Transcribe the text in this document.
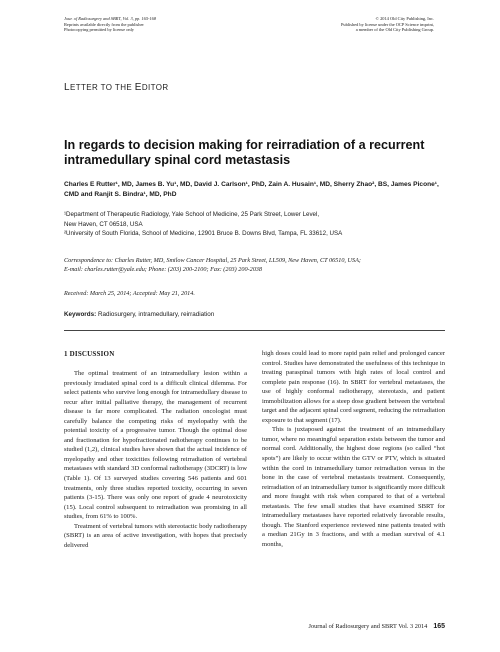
Jour. of Radiosurgery and SBRT, Vol. 3, pp. 165-168
Reprints available directly from the publisher
Photocopying permitted by license only
© 2014 Old City Publishing, Inc.
Published by license under the OCP Science imprint,
a member of the Old City Publishing Group.
LETTER TO THE EDITOR
In regards to decision making for reirradiation of a recurrent intramedullary spinal cord metastasis
Charles E Rutter¹, MD, James B. Yu¹, MD, David J. Carlson¹, PhD, Zain A. Husain¹, MD, Sherry Zhao², BS, James Picone¹, CMD and Ranjit S. Bindra¹, MD, PhD
¹Department of Therapeutic Radiology, Yale School of Medicine, 25 Park Street, Lower Level,
New Haven, CT 06518, USA
²University of South Florida, School of Medicine, 12901 Bruce B. Downs Blvd, Tampa, FL 33612, USA
Correspondence to: Charles Rutter, MD, Smilow Cancer Hospital, 25 Park Street, LL509, New Haven, CT 06510, USA;
E-mail: charles.rutter@yale.edu; Phone: (203) 200-2100; Fax: (203) 200-2038
Received: March 25, 2014; Accepted: May 21, 2014.
Keywords: Radiosurgery, intramedullary, reirradiation
1 DISCUSSION

The optimal treatment of an intramedullary lesion within a previously irradiated spinal cord is a difficult clinical dilemma. For select patients who survive long enough for intramedullary disease to recur after initial palliative therapy, the management of recurrent disease is far more complicated. The radiation oncologist must carefully balance the competing risks of myelopathy with the potential toxicity of a progressive tumor. Though the optimal dose and fractionation for hypofractionated radiotherapy continues to be studied (1,2), clinical studies have shown that the actual incidence of myelopathy and other toxicities following reirradiation of vertebral metastases with standard 3D conformal radiotherapy (3DCRT) is low (Table 1). Of 13 surveyed studies covering 546 patients and 601 treatments, only three studies reported toxicity, occurring in seven patients (3-15). There was only one report of grade 4 neurotoxicity (15). Local control subsequent to reirradiation was promising in all studies, from 61% to 100%.

Treatment of vertebral tumors with stereotactic body radiotherapy (SBRT) is an area of active investigation, with hopes that precisely delivered

high doses could lead to more rapid pain relief and prolonged cancer control. Studies have demonstrated the usefulness of this technique in treating paraspinal tumors with high rates of local control and complete pain response (16). In SBRT for vertebral metastases, the use of highly conformal radiotherapy, stereotaxis, and patient immobilization allows for a steep dose gradient between the vertebral target and the adjacent spinal cord segment, reducing the reirradiation exposure to that segment (17).

This is juxtaposed against the treatment of an intramedullary tumor, where no meaningful separation exists between the tumor and normal cord. Additionally, the highest dose regions (so called “hot spots”) are likely to occur within the GTV or PTV, which is situated within the cord in intramedullary tumor reirradiation versus in the bone in the case of vertebral metastasis treatment. Consequently, reirradiation of an intramedullary tumor is significantly more difficult and more fraught with risk when compared to that of a vertebral metastasis. The few small studies that have examined SBRT for intramedullary metastases have reported relatively favorable results, though. The Stanford experience reviewed nine patients treated with a median 21Gy in 3 fractions, and with a median survival of 4.1 months,

Journal of Radiosurgery and SBRT Vol. 3 2014 165
